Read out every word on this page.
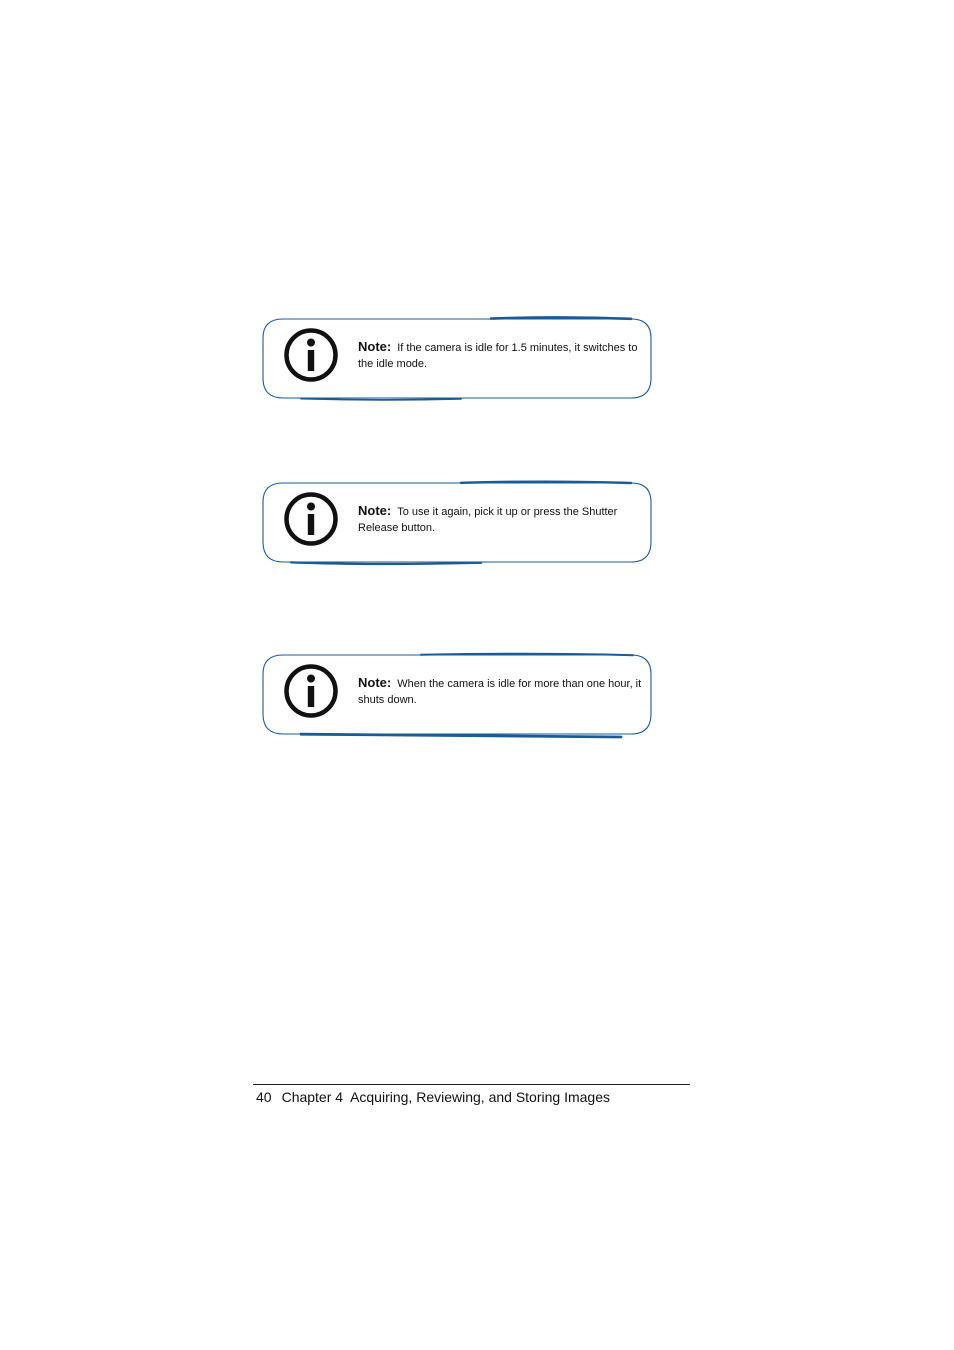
Note: If the camera is idle for 1.5 minutes, it switches to the idle mode.
Note: To use it again, pick it up or press the Shutter Release button.
Note: When the camera is idle for more than one hour, it shuts down.
40 Chapter 4 Acquiring, Reviewing, and Storing Images
